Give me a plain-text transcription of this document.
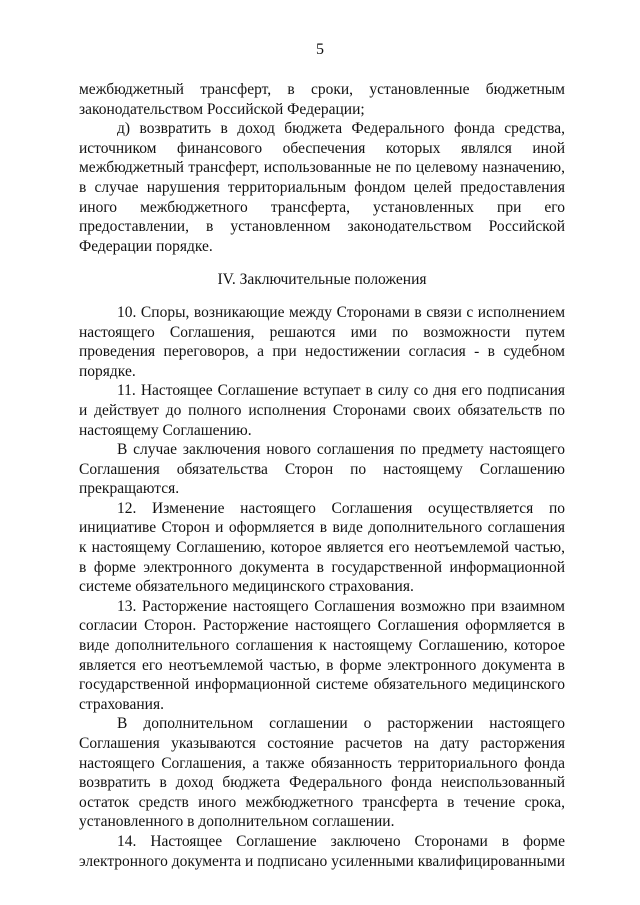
5

межбюджетный трансферт, в сроки, установленные бюджетным законодательством Российской Федерации;

д) возвратить в доход бюджета Федерального фонда средства, источником финансового обеспечения которых являлся иной межбюджетный трансферт, использованные не по целевому назначению, в случае нарушения территориальным фондом целей предоставления иного межбюджетного трансферта, установленных при его предоставлении, в установленном законодательством Российской Федерации порядке.

IV. Заключительные положения

10. Споры, возникающие между Сторонами в связи с исполнением настоящего Соглашения, решаются ими по возможности путем проведения переговоров, а при недостижении согласия - в судебном порядке.

11. Настоящее Соглашение вступает в силу со дня его подписания и действует до полного исполнения Сторонами своих обязательств по настоящему Соглашению.

В случае заключения нового соглашения по предмету настоящего Соглашения обязательства Сторон по настоящему Соглашению прекращаются.

12. Изменение настоящего Соглашения осуществляется по инициативе Сторон и оформляется в виде дополнительного соглашения к настоящему Соглашению, которое является его неотъемлемой частью, в форме электронного документа в государственной информационной системе обязательного медицинского страхования.

13. Расторжение настоящего Соглашения возможно при взаимном согласии Сторон. Расторжение настоящего Соглашения оформляется в виде дополнительного соглашения к настоящему Соглашению, которое является его неотъемлемой частью, в форме электронного документа в государственной информационной системе обязательного медицинского страхования.

В дополнительном соглашении о расторжении настоящего Соглашения указываются состояние расчетов на дату расторжения настоящего Соглашения, а также обязанность территориального фонда возвратить в доход бюджета Федерального фонда неиспользованный остаток средств иного межбюджетного трансферта в течение срока, установленного в дополнительном соглашении.

14. Настоящее Соглашение заключено Сторонами в форме электронного документа и подписано усиленными квалифицированными
